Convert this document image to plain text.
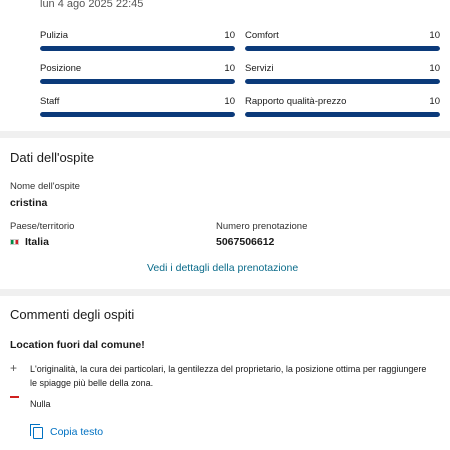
lun 4 ago 2025 22:45
Pulizia	10 Comfort	10
Posizione	10 Servizi	10
Staff	10 Rapporto qualità-prezzo	10
Dati dell'ospite
Nome dell'ospite
cristina
Paese/territorio
Italia
Numero prenotazione
5067506612
Vedi i dettagli della prenotazione
Commenti degli ospiti
Location fuori dal comune!
+ L'originalità, la cura dei particolari, la gentilezza del proprietario, la posizione ottima per raggiungere le spiagge più belle della zona.
Nulla
Copia testo
